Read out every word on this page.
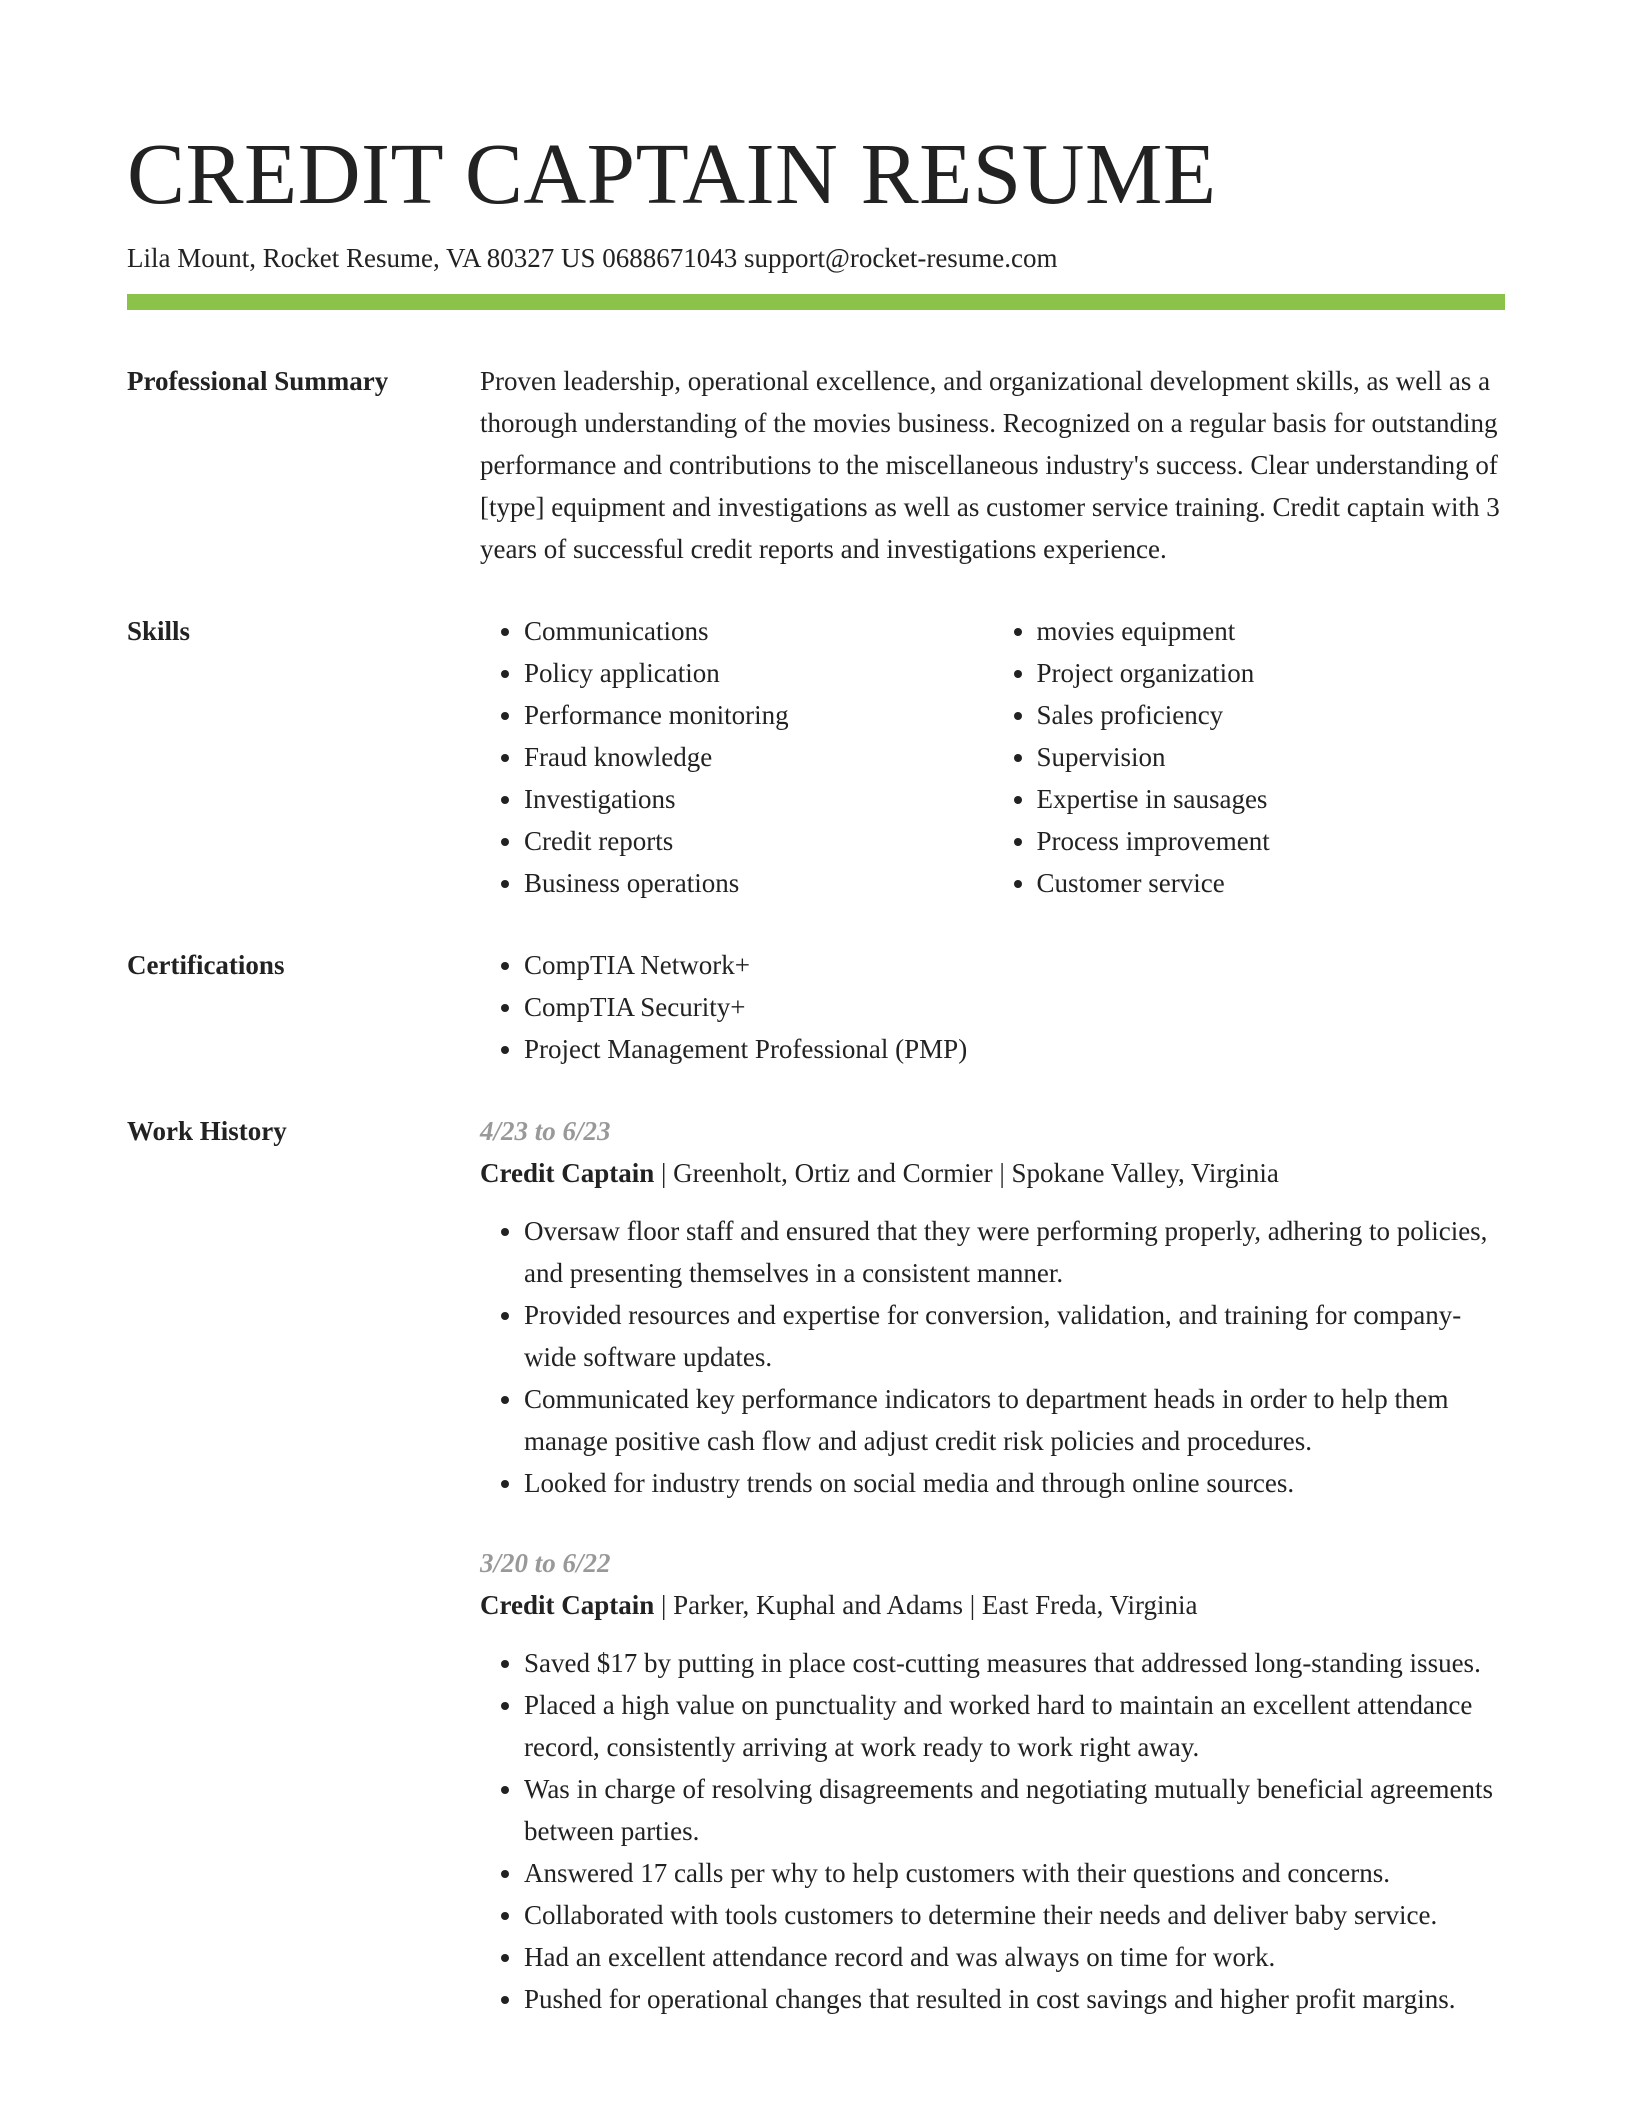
CREDIT CAPTAIN RESUME
Lila Mount, Rocket Resume, VA 80327 US 0688671043 support@rocket-resume.com
Professional Summary	Proven leadership, operational excellence, and organizational development skills, as well as a thorough understanding of the movies business. Recognized on a regular basis for outstanding performance and contributions to the miscellaneous industry's success. Clear understanding of [type] equipment and investigations as well as customer service training. Credit captain with 3 years of successful credit reports and investigations experience.

Skills	• Communications
• Policy application
• Performance monitoring
• Fraud knowledge
• Investigations
• Credit reports
• Business operations
• movies equipment
• Project organization
• Sales proficiency
• Supervision
• Expertise in sausages
• Process improvement
• Customer service
Certifications	• CompTIA Network+
• CompTIA Security+
• Project Management Professional (PMP)
Work History	4/23 to 6/23
Credit Captain | Greenholt, Ortiz and Cormier | Spokane Valley, Virginia
• Oversaw floor staff and ensured that they were performing properly, adhering to policies, and presenting themselves in a consistent manner.
• Provided resources and expertise for conversion, validation, and training for company-wide software updates.
• Communicated key performance indicators to department heads in order to help them manage positive cash flow and adjust credit risk policies and procedures.
• Looked for industry trends on social media and through online sources.
3/20 to 6/22
Credit Captain | Parker, Kuphal and Adams | East Freda, Virginia
• Saved $17 by putting in place cost-cutting measures that addressed long-standing issues.
• Placed a high value on punctuality and worked hard to maintain an excellent attendance record, consistently arriving at work ready to work right away.
• Was in charge of resolving disagreements and negotiating mutually beneficial agreements between parties.
• Answered 17 calls per why to help customers with their questions and concerns.
• Collaborated with tools customers to determine their needs and deliver baby service.
• Had an excellent attendance record and was always on time for work.
• Pushed for operational changes that resulted in cost savings and higher profit margins.
